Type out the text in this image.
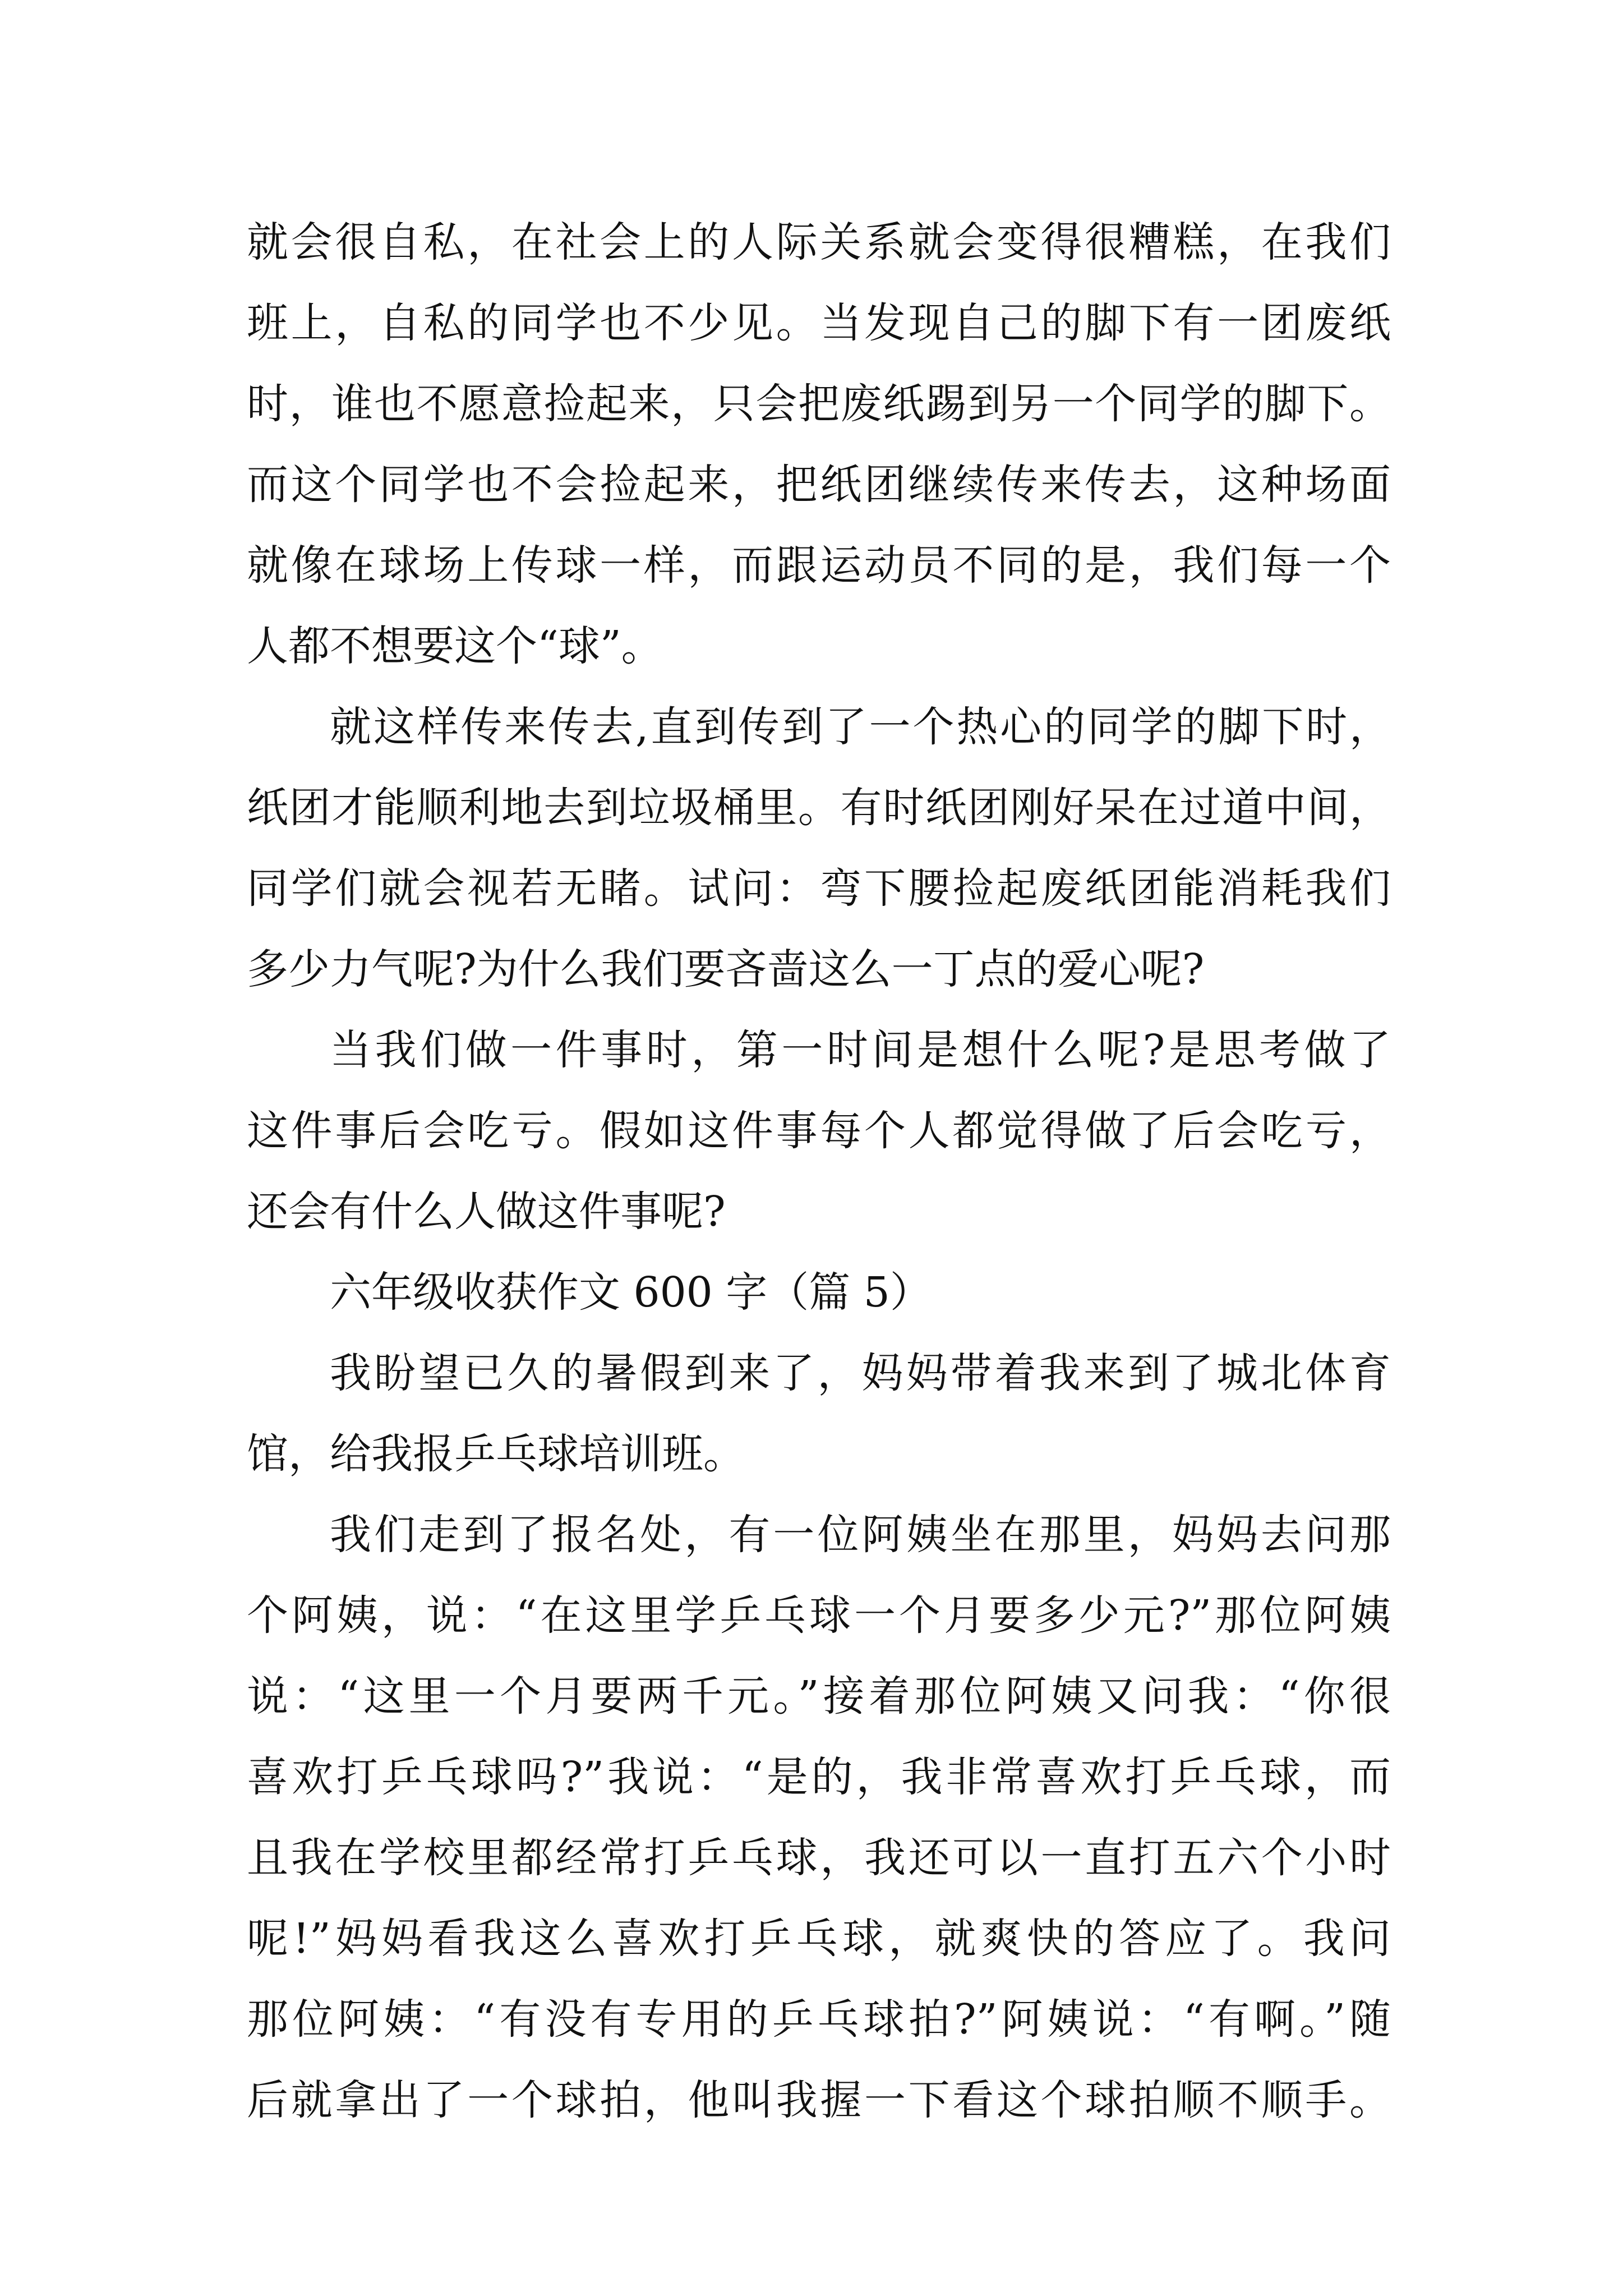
就会很自私，在社会上的人际关系就会变得很糟糕，在我们
班上，自私的同学也不少见。当发现自己的脚下有一团废纸
时，谁也不愿意捡起来，只会把废纸踢到另一个同学的脚下。
而这个同学也不会捡起来，把纸团继续传来传去，这种场面
就像在球场上传球一样，而跟运动员不同的是，我们每一个
人都不想要这个“球”。
就这样传来传去,直到传到了一个热心的同学的脚下时，
纸团才能顺利地去到垃圾桶里。有时纸团刚好呆在过道中间，
同学们就会视若无睹。试问：弯下腰捡起废纸团能消耗我们
多少力气呢?为什么我们要吝啬这么一丁点的爱心呢?
当我们做一件事时，第一时间是想什么呢?是思考做了
这件事后会吃亏。假如这件事每个人都觉得做了后会吃亏，
还会有什么人做这件事呢?
六年级收获作文 600 字（篇 5）
我盼望已久的暑假到来了，妈妈带着我来到了城北体育
馆，给我报乒乓球培训班。
我们走到了报名处，有一位阿姨坐在那里，妈妈去问那
个阿姨，说：“在这里学乒乓球一个月要多少元?”那位阿姨
说：“这里一个月要两千元。”接着那位阿姨又问我：“你很
喜欢打乒乓球吗?”我说：“是的，我非常喜欢打乒乓球，而
且我在学校里都经常打乒乓球，我还可以一直打五六个小时
呢!”妈妈看我这么喜欢打乒乓球，就爽快的答应了。我问
那位阿姨：“有没有专用的乒乓球拍?”阿姨说：“有啊。”随
后就拿出了一个球拍，他叫我握一下看这个球拍顺不顺手。
